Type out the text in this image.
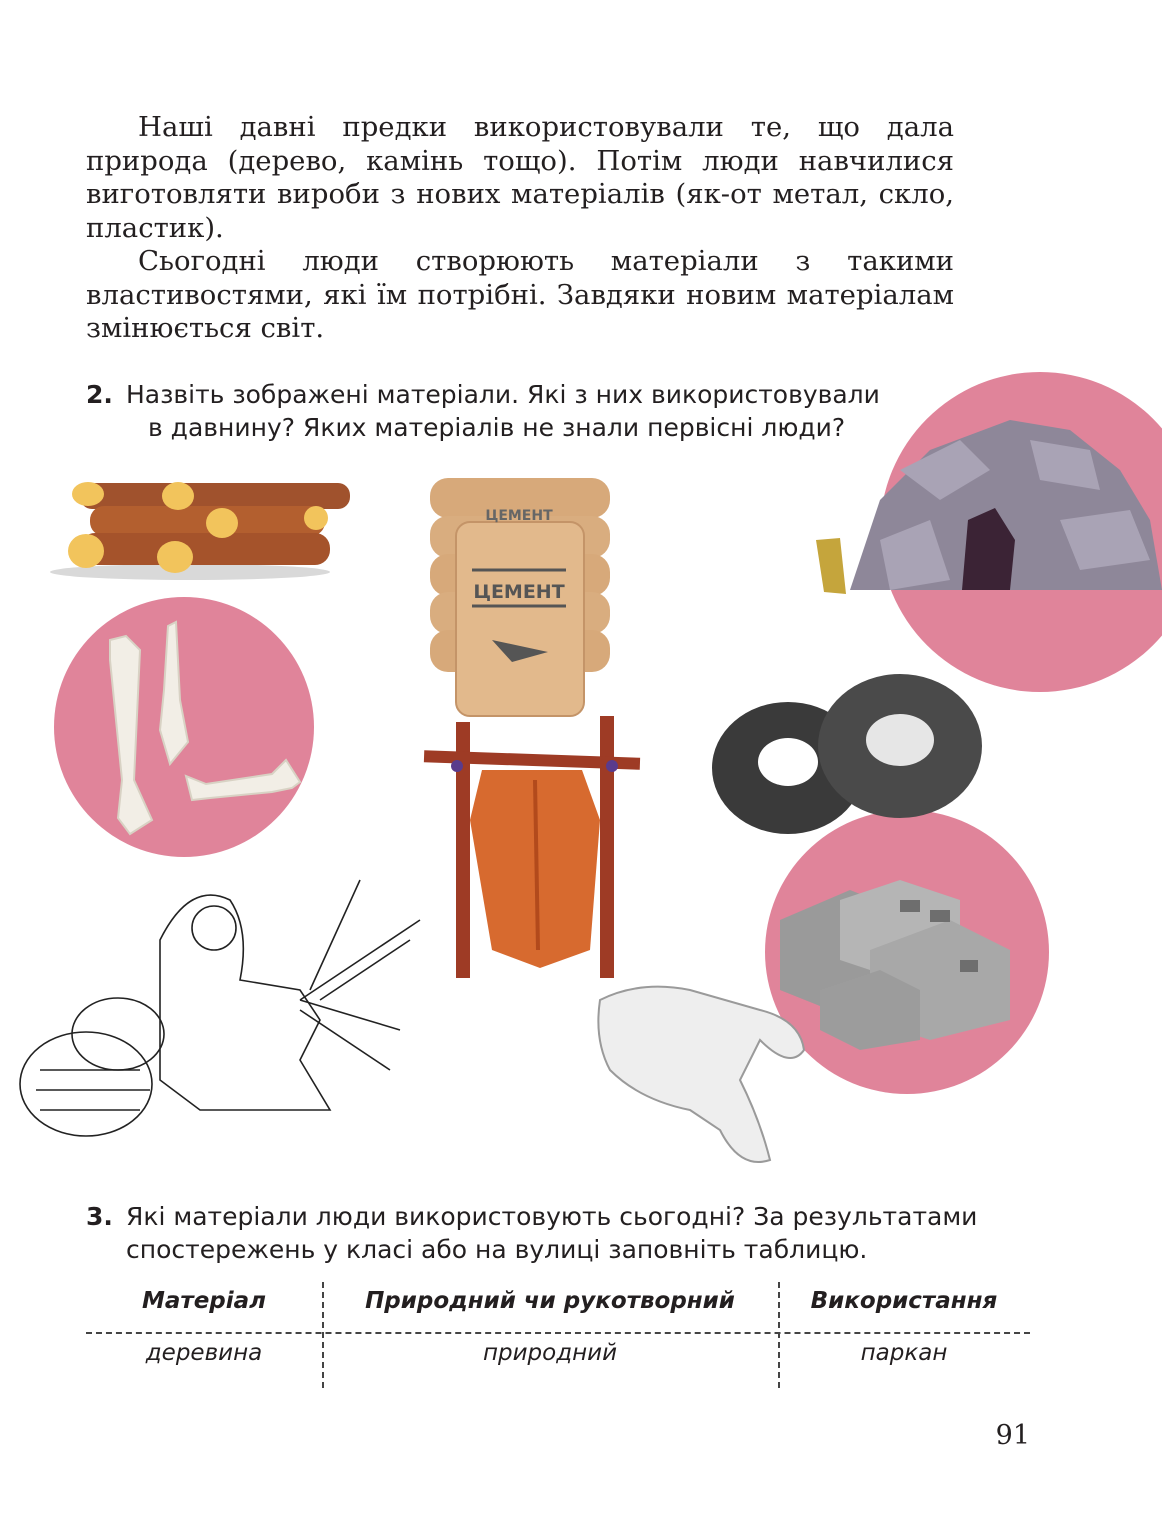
Наші давні предки використовували те, що дала природа (дерево, камінь тощо). Потім люди навчилися виготовляти вироби з нових матеріалів (як-от метал, скло, пластик).

Сьогодні люди створюють матеріали з такими властивостями, які їм потрібні. Завдяки новим матеріалам змінюється світ.

2. Назвіть зображені матеріали. Які з них використовували
в давнину? Яких матеріалів не знали первісні люди?
ЦЕМЕНТ
ЦЕМЕНТ
3. Які матеріали люди використовують сьогодні? За результатами
спостережень у класі або на вулиці заповніть таблицю.
Матеріал	Природний чи рукотворний	Використання
деревина	природний	паркан
91
